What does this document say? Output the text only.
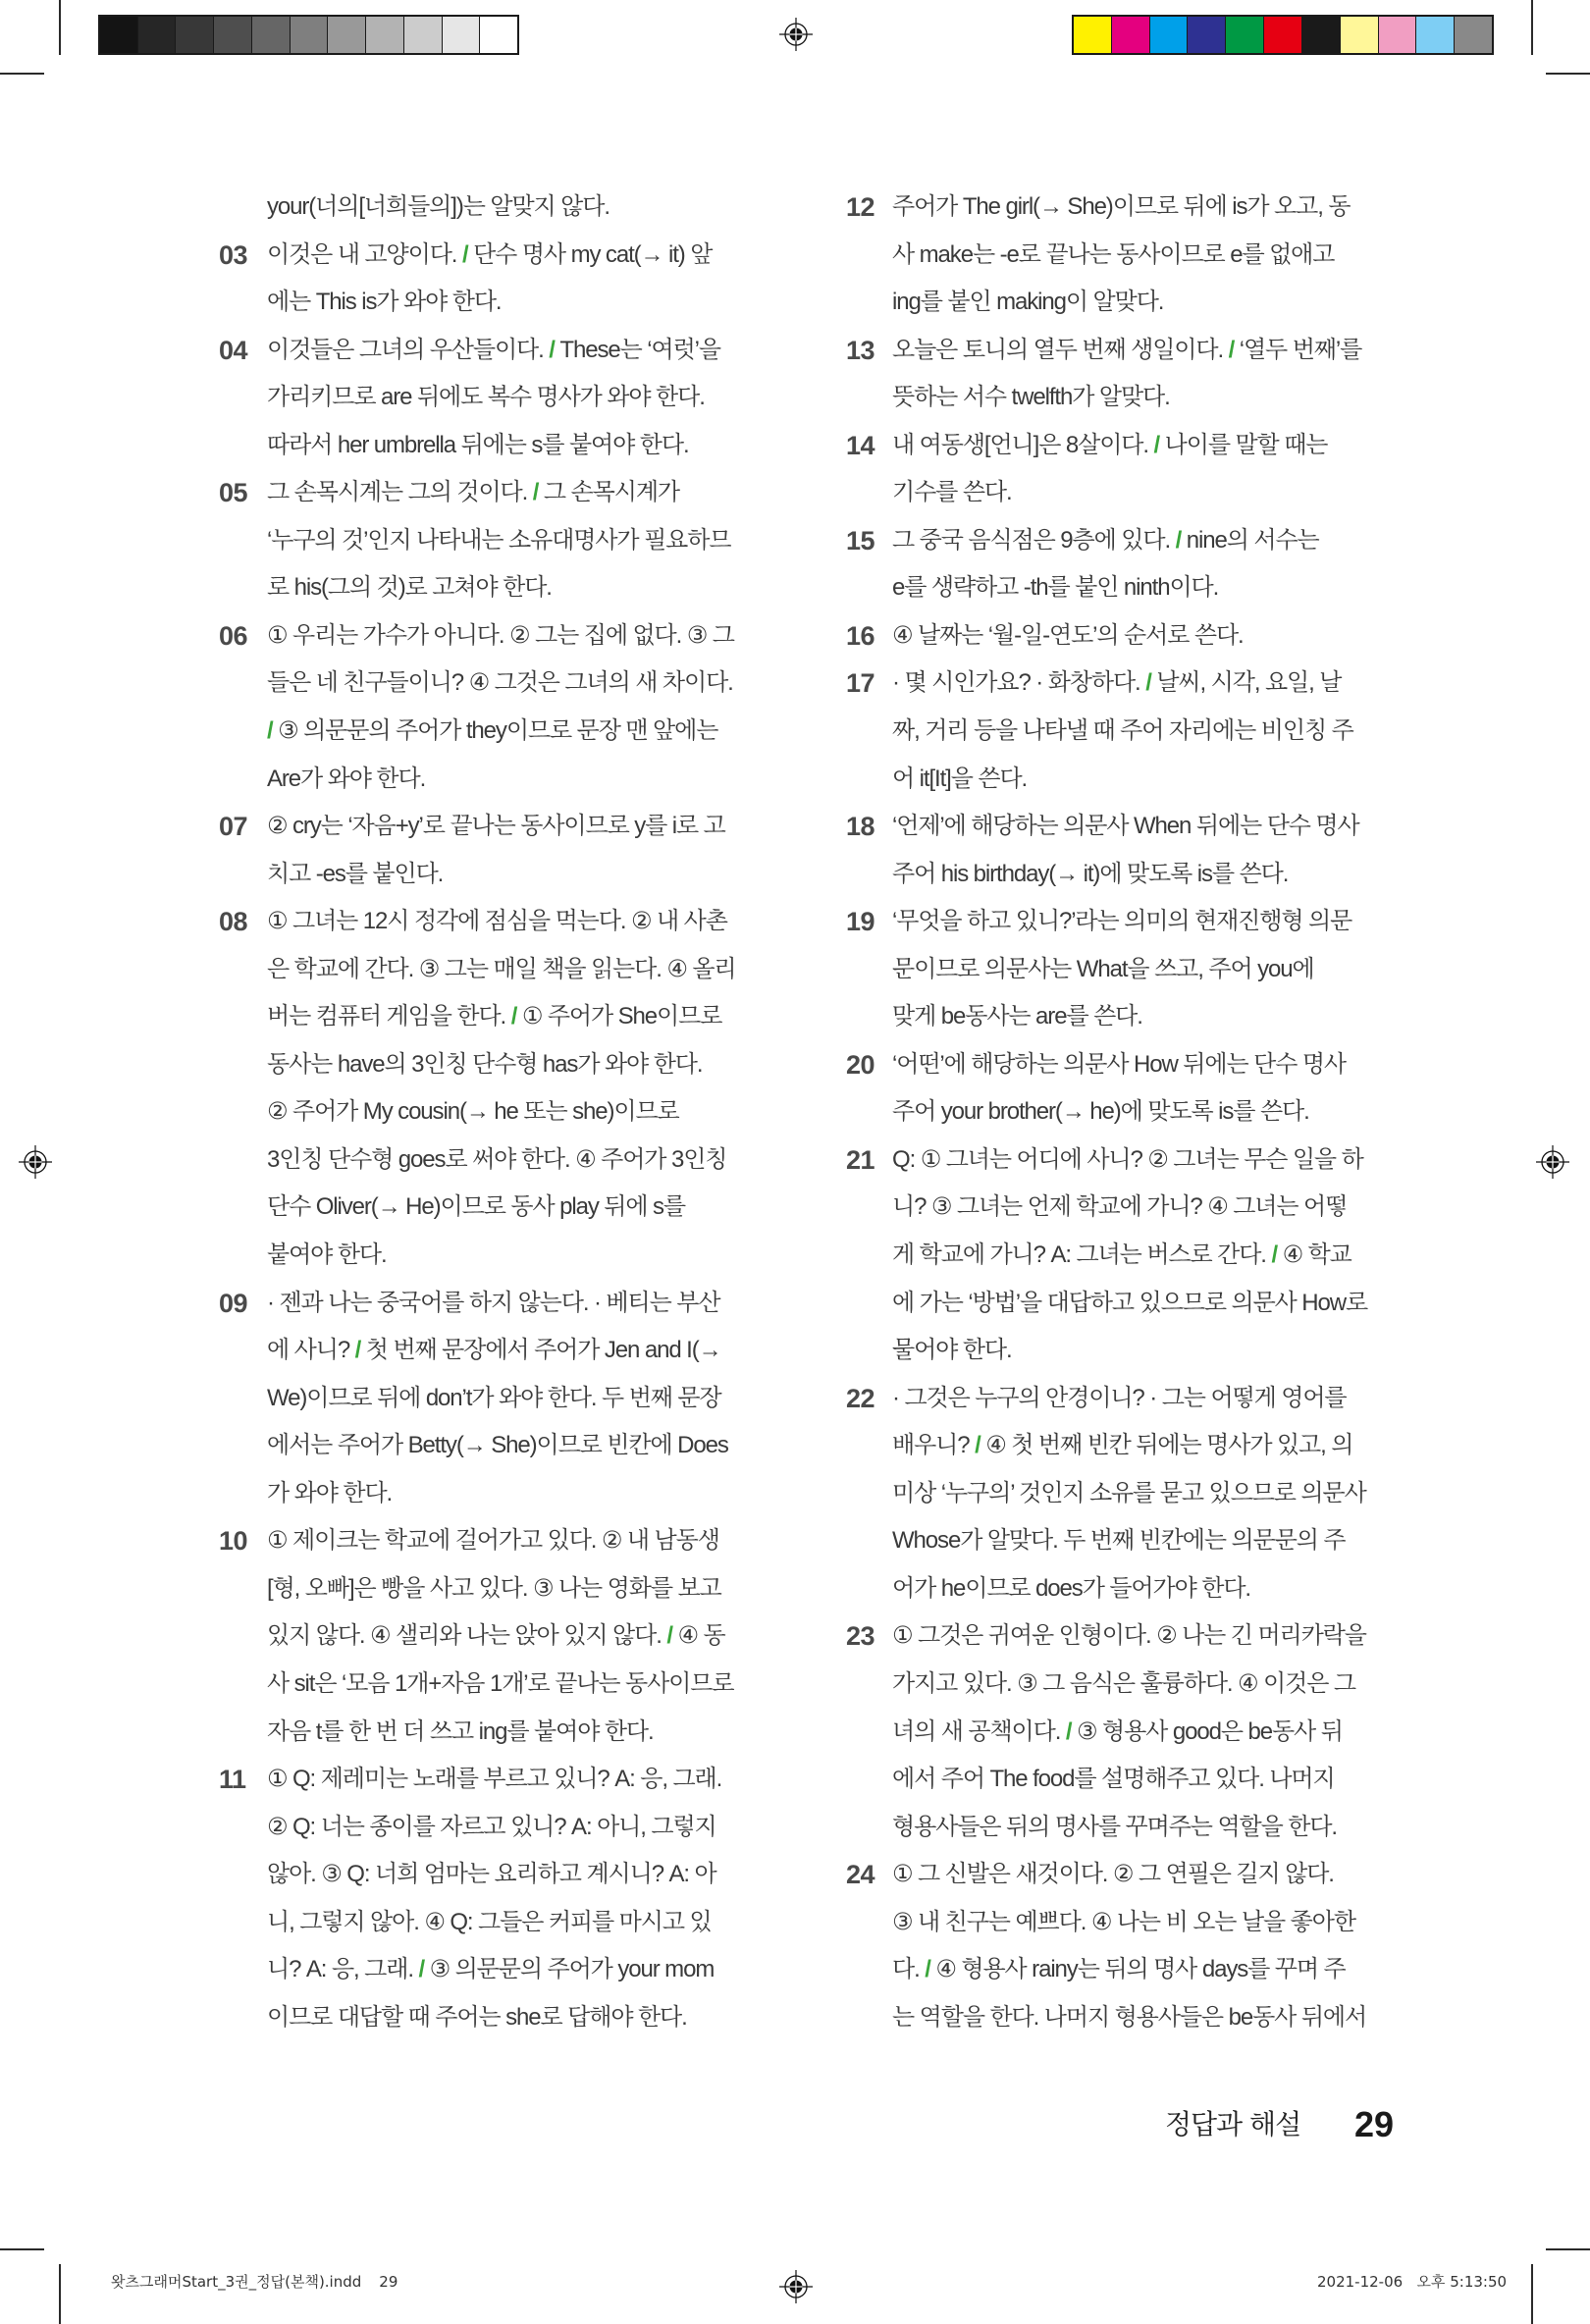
your(너의[너희들의])는 알맞지 않다.
03 이것은 내 고양이다. / 단수 명사 my cat(→ it) 앞
에는 This is가 와야 한다.
04 이것들은 그녀의 우산들이다. / These는 ‘여럿’을
가리키므로 are 뒤에도 복수 명사가 와야 한다.
따라서 her umbrella 뒤에는 s를 붙여야 한다.
05 그 손목시계는 그의 것이다. / 그 손목시계가
‘누구의 것’인지 나타내는 소유대명사가 필요하므
로 his(그의 것)로 고쳐야 한다.
06 ① 우리는 가수가 아니다. ② 그는 집에 없다. ③ 그
들은 네 친구들이니? ④ 그것은 그녀의 새 차이다.
/ ③ 의문문의 주어가 they이므로 문장 맨 앞에는
Are가 와야 한다.
07 ② cry는 ‘자음+y’로 끝나는 동사이므로 y를 i로 고
치고 -es를 붙인다.
08 ① 그녀는 12시 정각에 점심을 먹는다. ② 내 사촌
은 학교에 간다. ③ 그는 매일 책을 읽는다. ④ 올리
버는 컴퓨터 게임을 한다. / ① 주어가 She이므로
동사는 have의 3인칭 단수형 has가 와야 한다.
② 주어가 My cousin(→ he 또는 she)이므로
3인칭 단수형 goes로 써야 한다. ④ 주어가 3인칭
단수 Oliver(→ He)이므로 동사 play 뒤에 s를
붙여야 한다.
09 · 젠과 나는 중국어를 하지 않는다. · 베티는 부산
에 사니? / 첫 번째 문장에서 주어가 Jen and I(→
We)이므로 뒤에 don’t가 와야 한다. 두 번째 문장
에서는 주어가 Betty(→ She)이므로 빈칸에 Does
가 와야 한다.
10 ① 제이크는 학교에 걸어가고 있다. ② 내 남동생
[형, 오빠]은 빵을 사고 있다. ③ 나는 영화를 보고
있지 않다. ④ 샐리와 나는 앉아 있지 않다. / ④ 동
사 sit은 ‘모음 1개+자음 1개’로 끝나는 동사이므로
자음 t를 한 번 더 쓰고 ing를 붙여야 한다.
11 ① Q: 제레미는 노래를 부르고 있니? A: 응, 그래.
② Q: 너는 종이를 자르고 있니? A: 아니, 그렇지
않아. ③ Q: 너희 엄마는 요리하고 계시니? A: 아
니, 그렇지 않아. ④ Q: 그들은 커피를 마시고 있
니? A: 응, 그래. / ③ 의문문의 주어가 your mom
이므로 대답할 때 주어는 she로 답해야 한다.
12 주어가 The girl(→ She)이므로 뒤에 is가 오고, 동
사 make는 -e로 끝나는 동사이므로 e를 없애고
ing를 붙인 making이 알맞다.
13 오늘은 토니의 열두 번째 생일이다. / ‘열두 번째’를
뜻하는 서수 twelfth가 알맞다.
14 내 여동생[언니]은 8살이다. / 나이를 말할 때는
기수를 쓴다.
15 그 중국 음식점은 9층에 있다. / nine의 서수는
e를 생략하고 -th를 붙인 ninth이다.
16 ④ 날짜는 ‘월-일-연도’의 순서로 쓴다.
17 · 몇 시인가요? · 화창하다. / 날씨, 시각, 요일, 날
짜, 거리 등을 나타낼 때 주어 자리에는 비인칭 주
어 it[It]을 쓴다.
18 ‘언제’에 해당하는 의문사 When 뒤에는 단수 명사
주어 his birthday(→ it)에 맞도록 is를 쓴다.
19 ‘무엇을 하고 있니?’라는 의미의 현재진행형 의문
문이므로 의문사는 What을 쓰고, 주어 you에
맞게 be동사는 are를 쓴다.
20 ‘어떤’에 해당하는 의문사 How 뒤에는 단수 명사
주어 your brother(→ he)에 맞도록 is를 쓴다.
21 Q: ① 그녀는 어디에 사니? ② 그녀는 무슨 일을 하
니? ③ 그녀는 언제 학교에 가니? ④ 그녀는 어떻
게 학교에 가니? A: 그녀는 버스로 간다. / ④ 학교
에 가는 ‘방법’을 대답하고 있으므로 의문사 How로
물어야 한다.
22 · 그것은 누구의 안경이니? · 그는 어떻게 영어를
배우니? / ④ 첫 번째 빈칸 뒤에는 명사가 있고, 의
미상 ‘누구의’ 것인지 소유를 묻고 있으므로 의문사
Whose가 알맞다. 두 번째 빈칸에는 의문문의 주
어가 he이므로 does가 들어가야 한다.
23 ① 그것은 귀여운 인형이다. ② 나는 긴 머리카락을
가지고 있다. ③ 그 음식은 훌륭하다. ④ 이것은 그
녀의 새 공책이다. / ③ 형용사 good은 be동사 뒤
에서 주어 The food를 설명해주고 있다. 나머지
형용사들은 뒤의 명사를 꾸며주는 역할을 한다.
24 ① 그 신발은 새것이다. ② 그 연필은 길지 않다.
③ 내 친구는 예쁘다. ④ 나는 비 오는 날을 좋아한
다. / ④ 형용사 rainy는 뒤의 명사 days를 꾸며 주
는 역할을 한다. 나머지 형용사들은 be동사 뒤에서
정답과 해설 29
왓츠그래머Start_3권_정답(본책).indd 29	2021-12-06 오후 5:13:50
